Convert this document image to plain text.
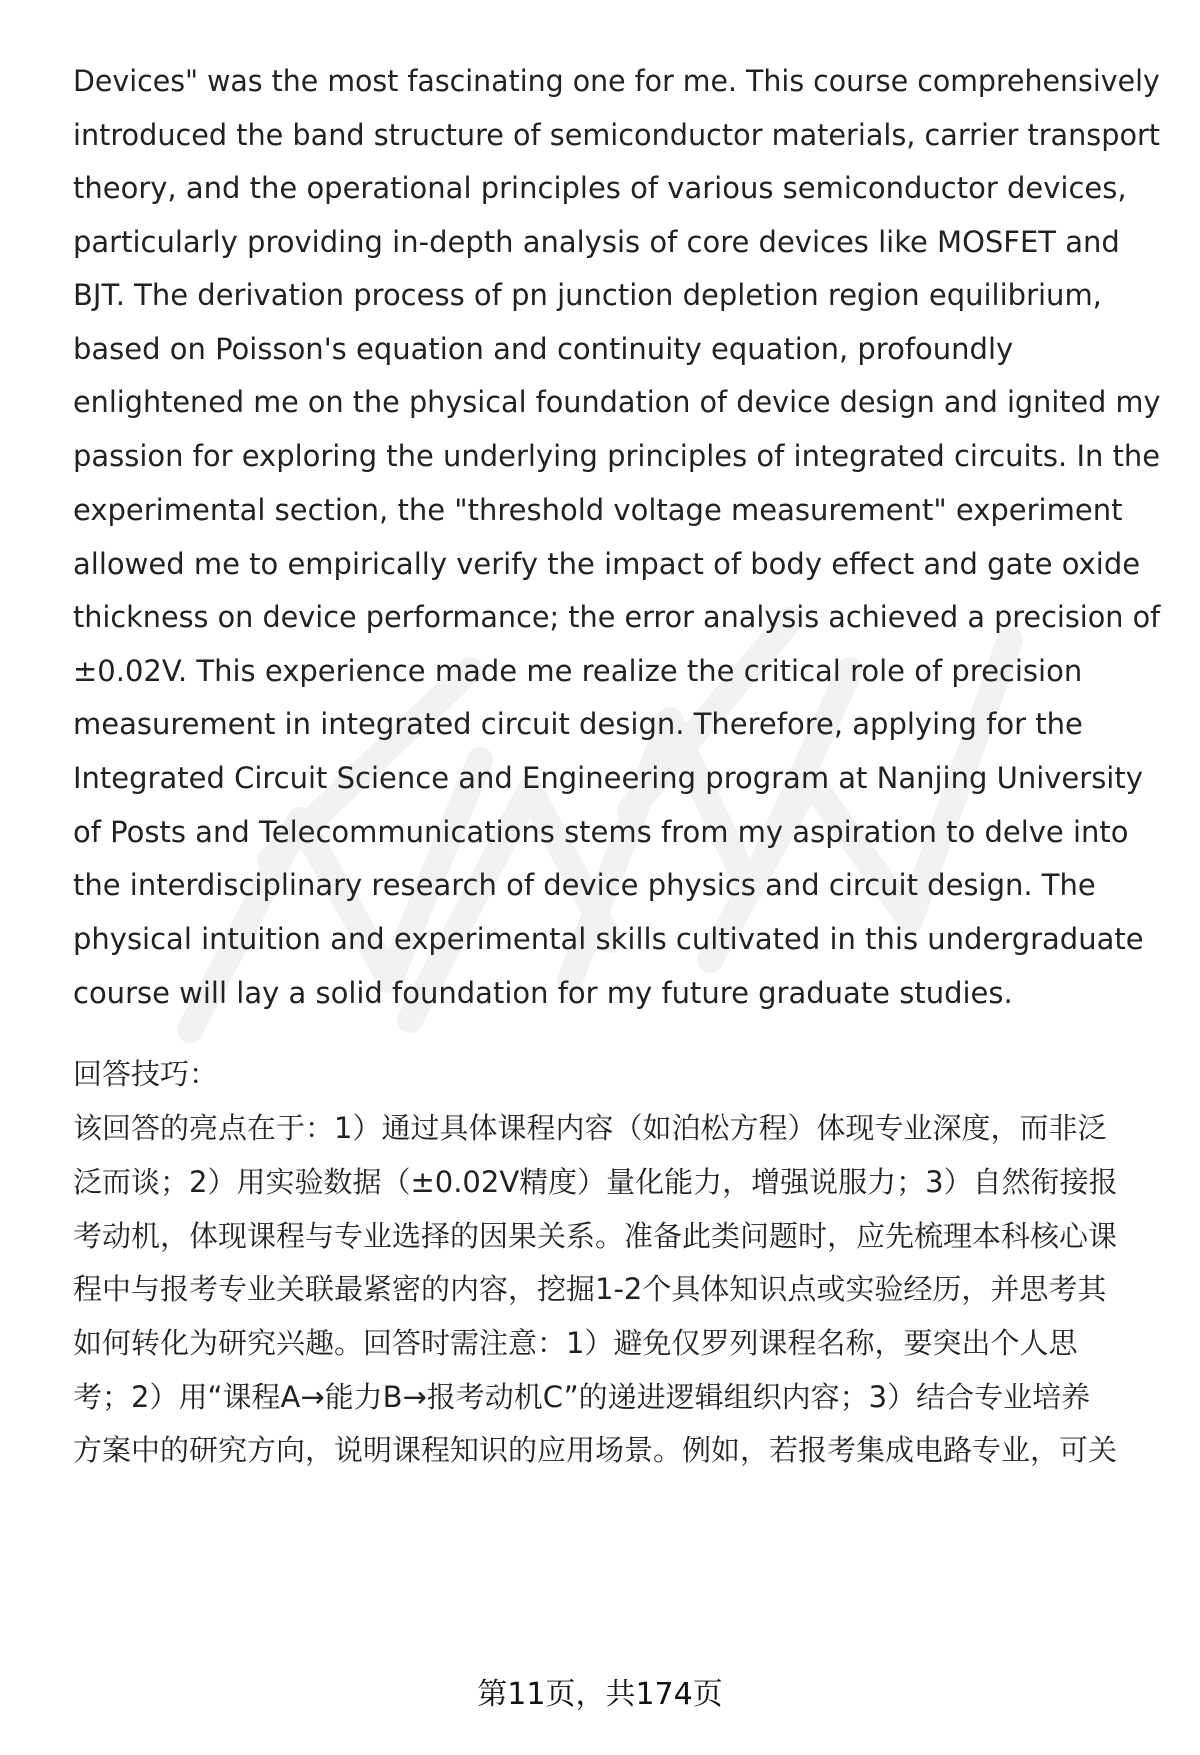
Devices" was the most fascinating one for me. This course comprehensively
introduced the band structure of semiconductor materials, carrier transport
theory, and the operational principles of various semiconductor devices,
particularly providing in-depth analysis of core devices like MOSFET and
BJT. The derivation process of pn junction depletion region equilibrium,
based on Poisson's equation and continuity equation, profoundly
enlightened me on the physical foundation of device design and ignited my
passion for exploring the underlying principles of integrated circuits. In the
experimental section, the "threshold voltage measurement" experiment
allowed me to empirically verify the impact of body effect and gate oxide
thickness on device performance; the error analysis achieved a precision of
±0.02V. This experience made me realize the critical role of precision
measurement in integrated circuit design. Therefore, applying for the
Integrated Circuit Science and Engineering program at Nanjing University
of Posts and Telecommunications stems from my aspiration to delve into
the interdisciplinary research of device physics and circuit design. The
physical intuition and experimental skills cultivated in this undergraduate
course will lay a solid foundation for my future graduate studies.
回答技巧：
该回答的亮点在于：1）通过具体课程内容（如泊松方程）体现专业深度，而非泛
泛而谈；2）用实验数据（±0.02V精度）量化能力，增强说服力；3）自然衔接报
考动机，体现课程与专业选择的因果关系。准备此类问题时，应先梳理本科核心课
程中与报考专业关联最紧密的内容，挖掘1-2个具体知识点或实验经历，并思考其
如何转化为研究兴趣。回答时需注意：1）避免仅罗列课程名称，要突出个人思
考；2）用“课程A→能力B→报考动机C”的递进逻辑组织内容；3）结合专业培养
方案中的研究方向，说明课程知识的应用场景。例如，若报考集成电路专业，可关
第11页，共174页
